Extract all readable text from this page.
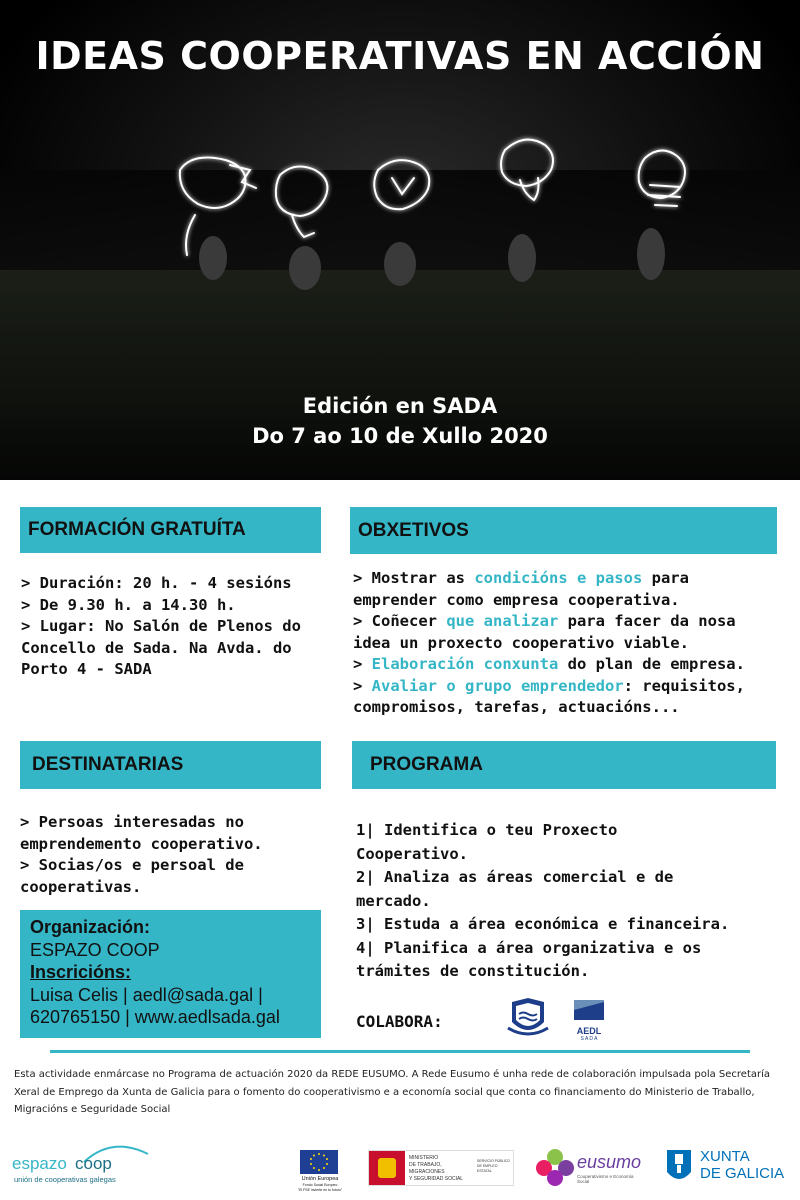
IDEAS COOPERATIVAS EN ACCIÓN
Edición en SADA
Do 7 ao 10 de Xullo 2020
FORMACIÓN GRATUÍTA
> Duración: 20 h. - 4 sesións
> De 9.30 h. a 14.30 h.
> Lugar: No Salón de Plenos do
Concello de Sada. Na Avda. do
Porto 4 - SADA
OBXETIVOS
> Mostrar as condicións e pasos para
emprender como empresa cooperativa.
> Coñecer que analizar para facer da nosa
idea un proxecto cooperativo viable.
> Elaboración conxunta do plan de empresa.
> Avaliar o grupo emprendedor: requisitos,
compromisos, tarefas, actuacións...
DESTINATARIAS
> Persoas interesadas no
emprendemento cooperativo.
> Socias/os e persoal de
cooperativas.
PROGRAMA
1| Identifica o teu Proxecto
Cooperativo.
2| Analiza as áreas comercial e de
mercado.
3| Estuda a área económica e financeira.
4| Planifica a área organizativa e os
trámites de constitución.
Organización:
ESPAZO COOP
Inscricións:
Luisa Celis | aedl@sada.gal |
620765150 | www.aedlsada.gal	COLABORA:	AEDL
S A D A
Esta actividade enmárcase no Programa de actuación 2020 da REDE EUSUMO. A Rede Eusumo é unha rede de colaboración impulsada pola Secretaría Xeral de Emprego da Xunta de Galicia para o fomento do cooperativismo e a economía social que conta co financiamento do Ministerio de Traballo, Migracións e Seguridade Social
espazo coop
unión de cooperativas galegas	Unión Europea
Fondo Social Europeo
"El FSE invierte en tu futuro"
MINISTERIO
DE TRABAJO, MIGRACIONES
Y SEGURIDAD SOCIAL
SERVICIO PÚBLICO DE EMPLEO ESTATAL	eusumo
Cooperativismo e Economía Social
XUNTA
DE GALICIA
